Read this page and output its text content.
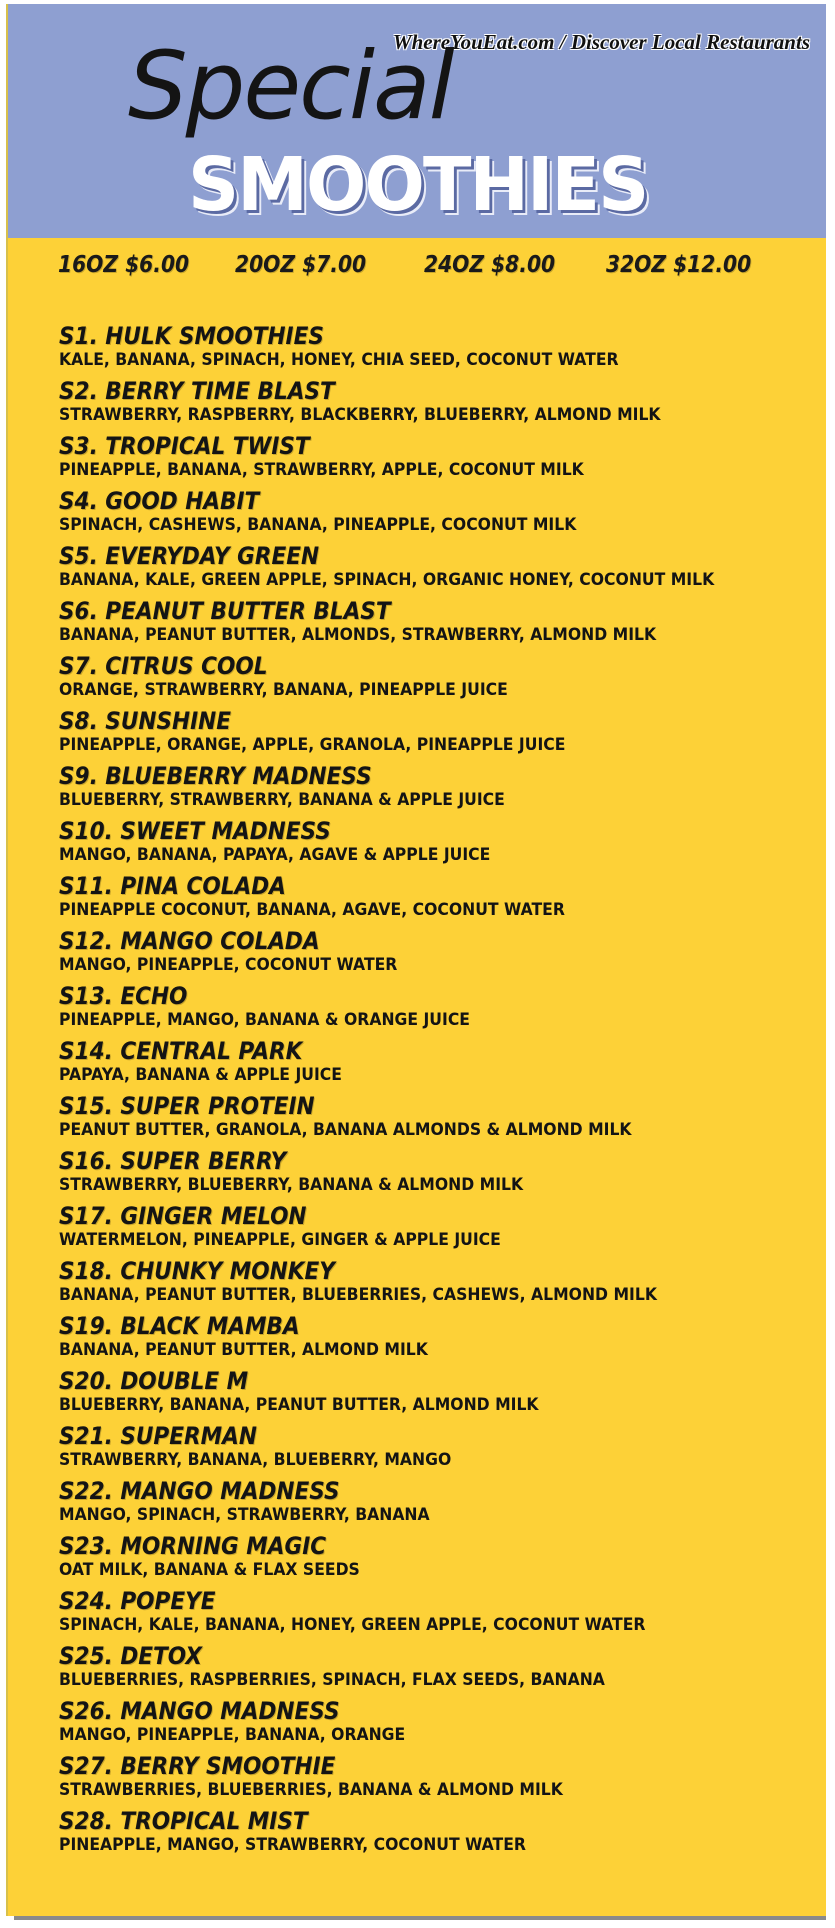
WhereYouEat.com / Discover Local Restaurants
Special
SMOOTHIES
16OZ $6.00 20OZ $7.00	24OZ $8.00 32OZ $12.00
S1. HULK SMOOTHIES
KALE, BANANA, SPINACH, HONEY, CHIA SEED, COCONUT WATER
S2. BERRY TIME BLAST
STRAWBERRY, RASPBERRY, BLACKBERRY, BLUEBERRY, ALMOND MILK
S3. TROPICAL TWIST
PINEAPPLE, BANANA, STRAWBERRY, APPLE, COCONUT MILK
S4. GOOD HABIT
SPINACH, CASHEWS, BANANA, PINEAPPLE, COCONUT MILK
S5. EVERYDAY GREEN
BANANA, KALE, GREEN APPLE, SPINACH, ORGANIC HONEY, COCONUT MILK
S6. PEANUT BUTTER BLAST
BANANA, PEANUT BUTTER, ALMONDS, STRAWBERRY, ALMOND MILK
S7. CITRUS COOL
ORANGE, STRAWBERRY, BANANA, PINEAPPLE JUICE
S8. SUNSHINE
PINEAPPLE, ORANGE, APPLE, GRANOLA, PINEAPPLE JUICE
S9. BLUEBERRY MADNESS
BLUEBERRY, STRAWBERRY, BANANA & APPLE JUICE
S10. SWEET MADNESS
MANGO, BANANA, PAPAYA, AGAVE & APPLE JUICE
S11. PINA COLADA
PINEAPPLE COCONUT, BANANA, AGAVE, COCONUT WATER
S12. MANGO COLADA
MANGO, PINEAPPLE, COCONUT WATER
S13. ECHO
PINEAPPLE, MANGO, BANANA & ORANGE JUICE
S14. CENTRAL PARK
PAPAYA, BANANA & APPLE JUICE
S15. SUPER PROTEIN
PEANUT BUTTER, GRANOLA, BANANA ALMONDS & ALMOND MILK
S16. SUPER BERRY
STRAWBERRY, BLUEBERRY, BANANA & ALMOND MILK
S17. GINGER MELON
WATERMELON, PINEAPPLE, GINGER & APPLE JUICE
S18. CHUNKY MONKEY
BANANA, PEANUT BUTTER, BLUEBERRIES, CASHEWS, ALMOND MILK
S19. BLACK MAMBA
BANANA, PEANUT BUTTER, ALMOND MILK
S20. DOUBLE M
BLUEBERRY, BANANA, PEANUT BUTTER, ALMOND MILK
S21. SUPERMAN
STRAWBERRY, BANANA, BLUEBERRY, MANGO
S22. MANGO MADNESS
MANGO, SPINACH, STRAWBERRY, BANANA
S23. MORNING MAGIC
OAT MILK, BANANA & FLAX SEEDS
S24. POPEYE
SPINACH, KALE, BANANA, HONEY, GREEN APPLE, COCONUT WATER
S25. DETOX
BLUEBERRIES, RASPBERRIES, SPINACH, FLAX SEEDS, BANANA
S26. MANGO MADNESS
MANGO, PINEAPPLE, BANANA, ORANGE
S27. BERRY SMOOTHIE
STRAWBERRIES, BLUEBERRIES, BANANA & ALMOND MILK
S28. TROPICAL MIST
PINEAPPLE, MANGO, STRAWBERRY, COCONUT WATER
